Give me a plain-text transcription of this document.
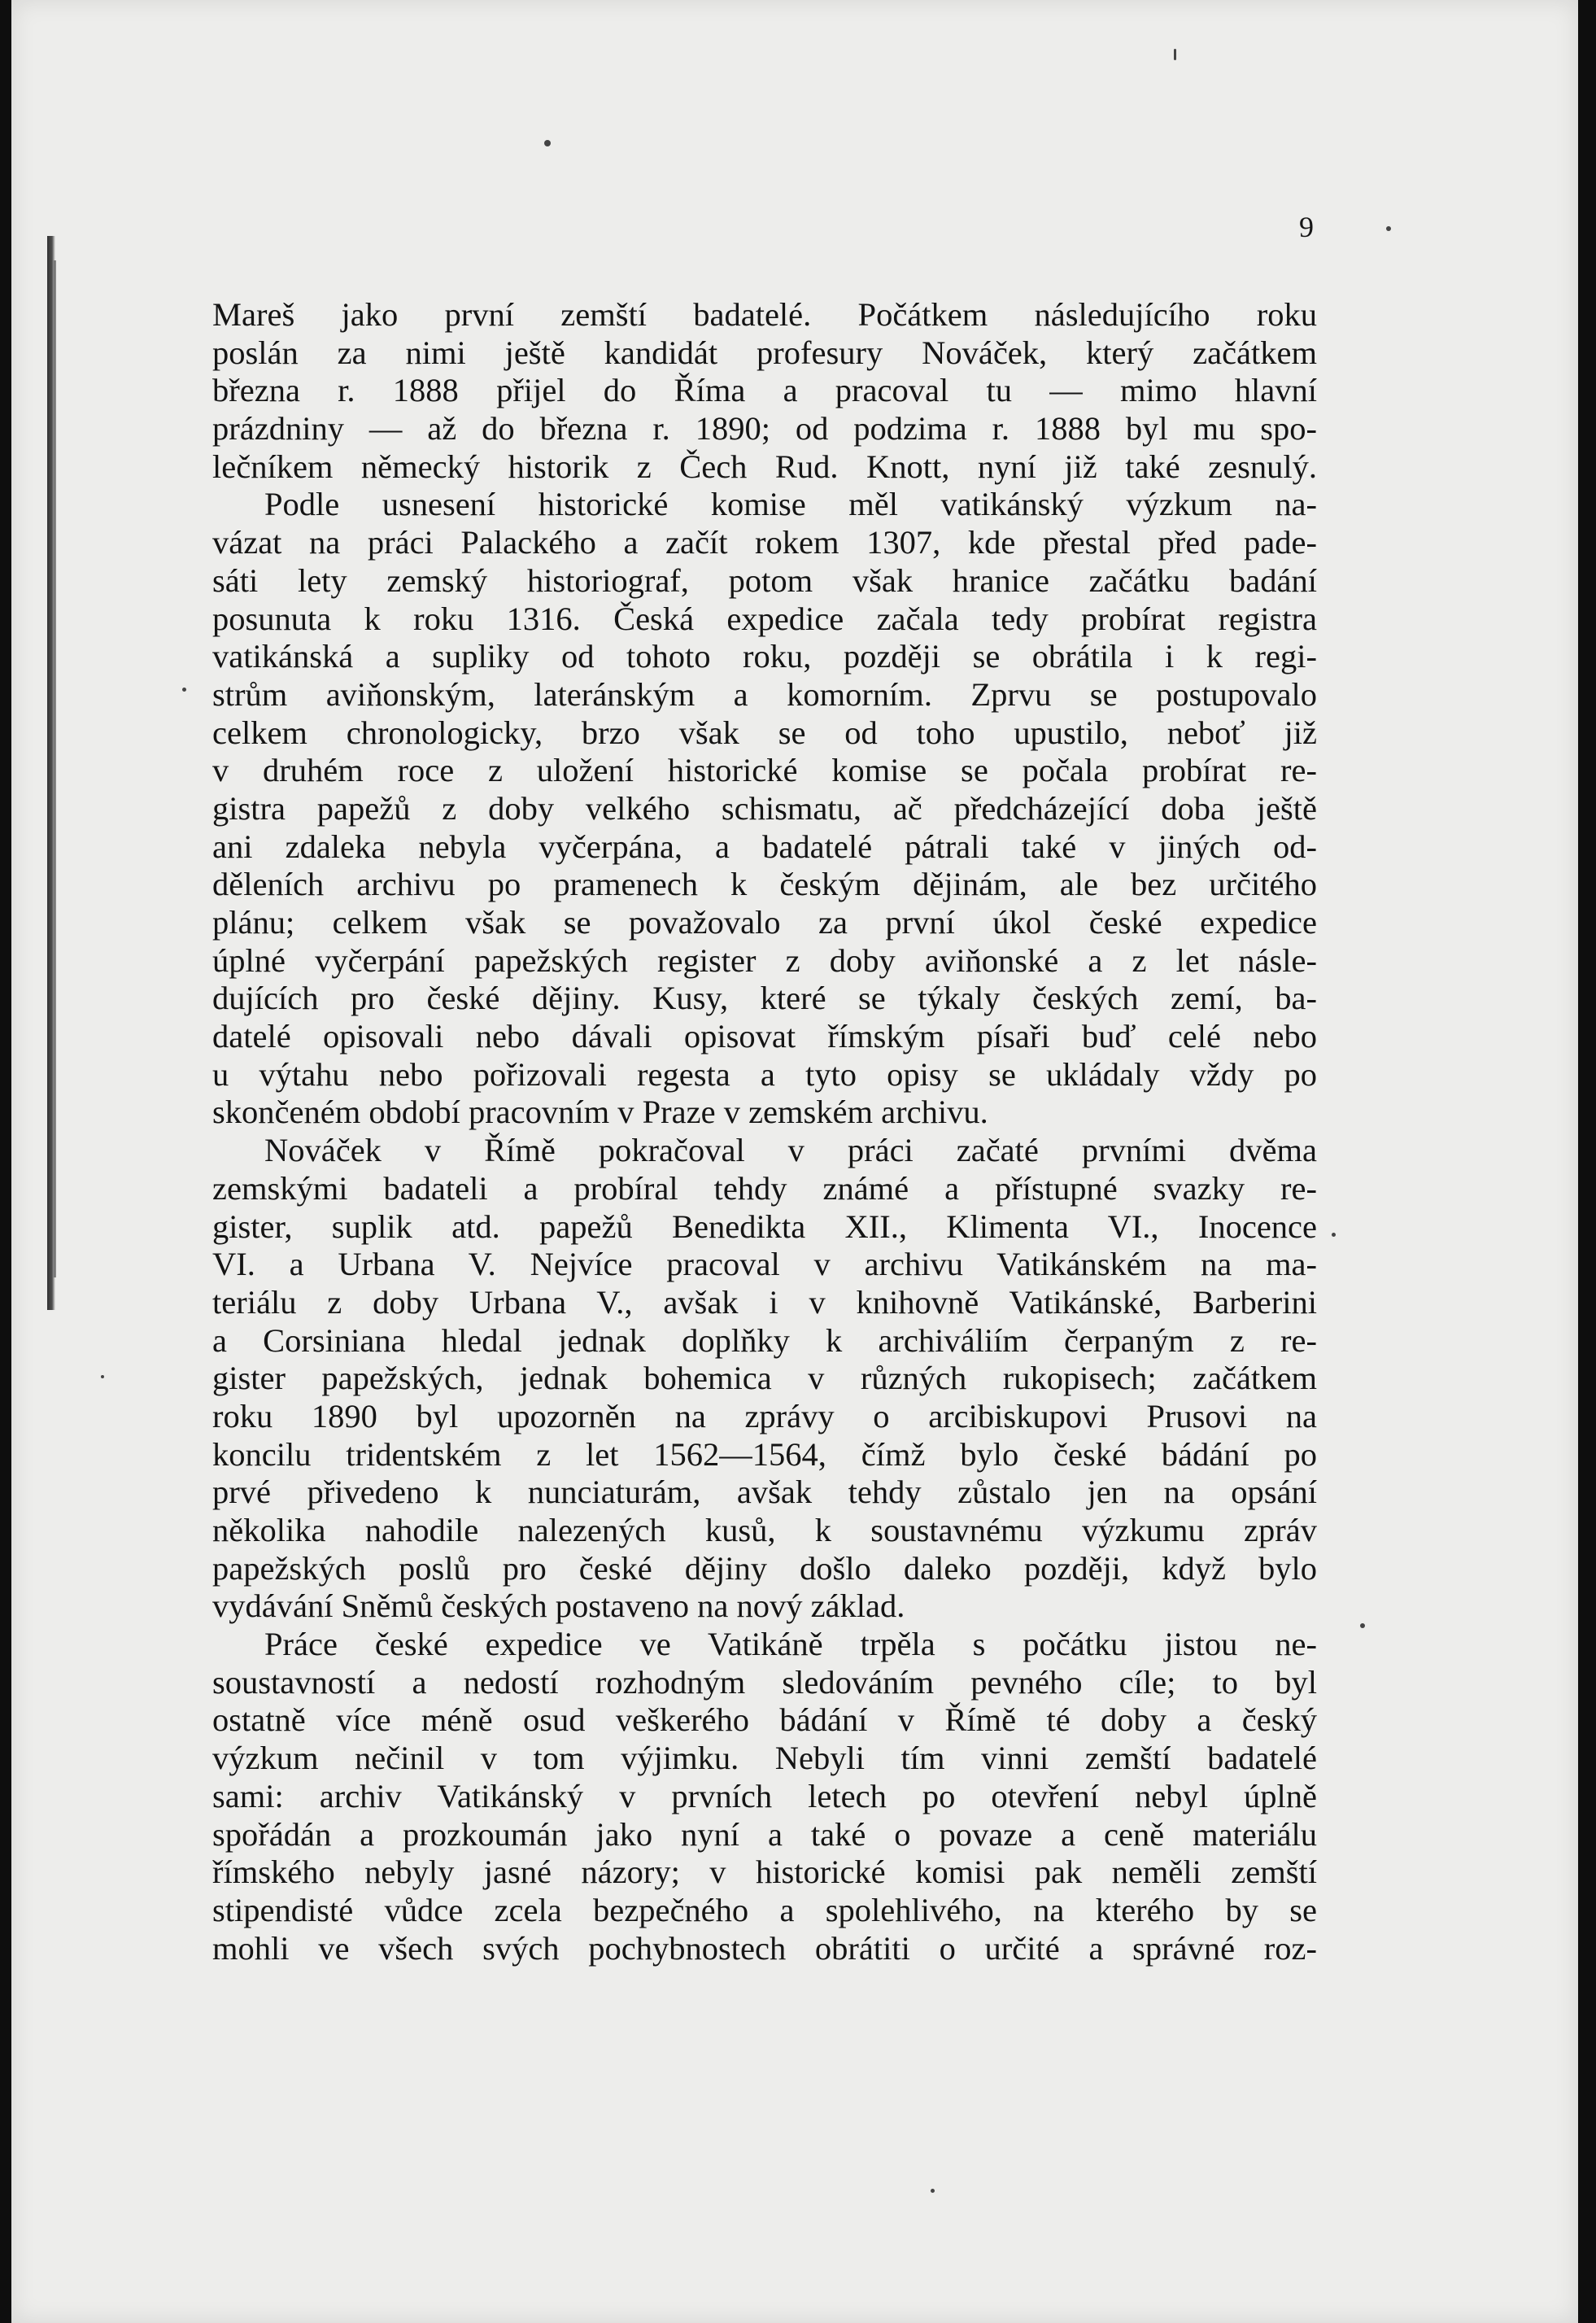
9
Mareš jako první zemští badatelé. Počátkem následujícího roku
poslán za nimi ještě kandidát profesury Nováček, který začátkem
března r. 1888 přijel do Říma a pracoval tu — mimo hlavní
prázdniny — až do března r. 1890; od podzima r. 1888 byl mu spo-
lečníkem německý historik z Čech Rud. Knott, nyní již také zesnulý.
Podle usnesení historické komise měl vatikánský výzkum na-
vázat na práci Palackého a začít rokem 1307, kde přestal před pade-
sáti lety zemský historiograf, potom však hranice začátku badání
posunuta k roku 1316. Česká expedice začala tedy probírat registra
vatikánská a supliky od tohoto roku, později se obrátila i k regi-
strům aviňonským, lateránským a komorním. Zprvu se postupovalo
celkem chronologicky, brzo však se od toho upustilo, neboť již
v druhém roce z uložení historické komise se počala probírat re-
gistra papežů z doby velkého schismatu, ač předcházející doba ještě
ani zdaleka nebyla vyčerpána, a badatelé pátrali také v jiných od-
děleních archivu po pramenech k českým dějinám, ale bez určitého
plánu; celkem však se považovalo za první úkol české expedice
úplné vyčerpání papežských register z doby aviňonské a z let násle-
dujících pro české dějiny. Kusy, které se týkaly českých zemí, ba-
datelé opisovali nebo dávali opisovat římským písaři buď celé nebo
u výtahu nebo pořizovali regesta a tyto opisy se ukládaly vždy po
skončeném období pracovním v Praze v zemském archivu.
Nováček v Římě pokračoval v práci začaté prvními dvěma
zemskými badateli a probíral tehdy známé a přístupné svazky re-
gister, suplik atd. papežů Benedikta XII., Klimenta VI., Inocence
VI. a Urbana V. Nejvíce pracoval v archivu Vatikánském na ma-
teriálu z doby Urbana V., avšak i v knihovně Vatikánské, Barberini
a Corsiniana hledal jednak doplňky k archiváliím čerpaným z re-
gister papežských, jednak bohemica v různých rukopisech; začátkem
roku 1890 byl upozorněn na zprávy o arcibiskupovi Prusovi na
koncilu tridentském z let 1562—1564, čímž bylo české bádání po
prvé přivedeno k nunciaturám, avšak tehdy zůstalo jen na opsání
několika nahodile nalezených kusů, k soustavnému výzkumu zpráv
papežských poslů pro české dějiny došlo daleko později, když bylo
vydávání Sněmů českých postaveno na nový základ.
Práce české expedice ve Vatikáně trpěla s počátku jistou ne-
soustavností a nedostí rozhodným sledováním pevného cíle; to byl
ostatně více méně osud veškerého bádání v Římě té doby a český
výzkum nečinil v tom výjimku. Nebyli tím vinni zemští badatelé
sami: archiv Vatikánský v prvních letech po otevření nebyl úplně
spořádán a prozkoumán jako nyní a také o povaze a ceně materiálu
římského nebyly jasné názory; v historické komisi pak neměli zemští
stipendisté vůdce zcela bezpečného a spolehlivého, na kterého by se
mohli ve všech svých pochybnostech obrátiti o určité a správné roz-
